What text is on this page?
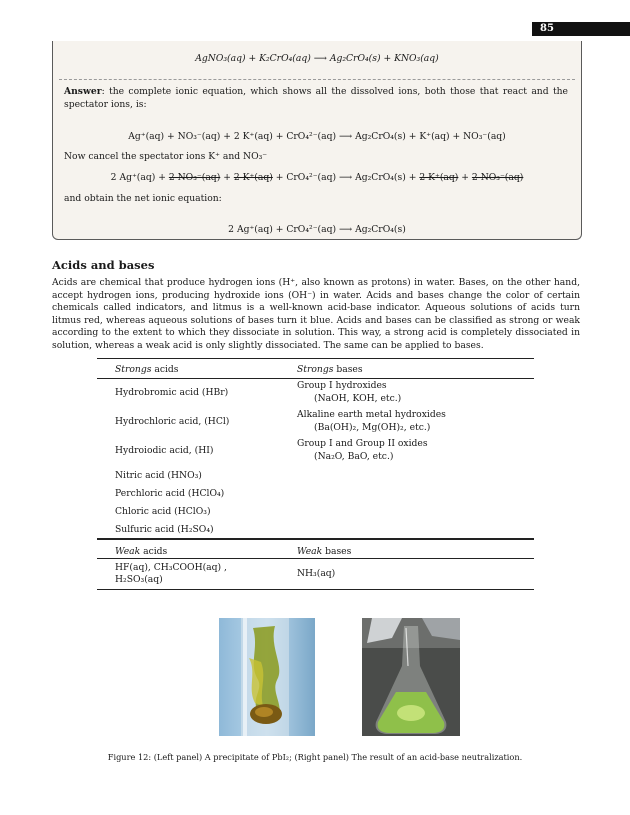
85
AgNO₃(aq) + K₂CrO₄(aq) ⟶ Ag₂CrO₄(s) + KNO₃(aq)
Answer: the complete ionic equation, which shows all the dissolved ions, both those that react and the spectator ions, is:
Ag⁺(aq) + NO₃⁻(aq) + 2 K⁺(aq) + CrO₄²⁻(aq) ⟶ Ag₂CrO₄(s) + K⁺(aq) + NO₃⁻(aq)
Now cancel the spectator ions K⁺ and NO₃⁻
2 Ag⁺(aq) + 2 NO₃⁻(aq) + 2 K⁺(aq) + CrO₄²⁻(aq) ⟶ Ag₂CrO₄(s) + 2 K⁺(aq) + 2 NO₃⁻(aq)
and obtain the net ionic equation:
2 Ag⁺(aq) + CrO₄²⁻(aq) ⟶ Ag₂CrO₄(s)
Acids and bases
Acids are chemical that produce hydrogen ions (H⁺, also known as protons) in water. Bases, on the other hand, accept hydrogen ions, producing hydroxide ions (OH⁻) in water. Acids and bases change the color of certain chemicals called indicators, and litmus is a well-known acid-base indicator. Aqueous solutions of acids turn litmus red, whereas aqueous solutions of bases turn it blue. Acids and bases can be classified as strong or weak according to the extent to which they dissociate in solution. This way, a strong acid is completely dissociated in solution, whereas a weak acid is only slightly dissociated. The same can be applied to bases.
Strongs acids	Strongs bases
Hydrobromic acid (HBr)
Hydrochloric acid, (HCl)
Hydroiodic acid, (HI)
Nitric acid (HNO₃)
Perchloric acid (HClO₄)
Chloric acid (HClO₃)
Sulfuric acid (H₂SO₄)
Group I hydroxides
(NaOH, KOH, etc.)
Alkaline earth metal hydroxides
(Ba(OH)₂, Mg(OH)₂, etc.)
Group I and Group II oxides
(Na₂O, BaO, etc.)
Weak acids	Weak bases
HF(aq), CH₃COOH(aq) ,
H₂SO₃(aq)
NH₃(aq)
Figure 12: (Left panel) A precipitate of PbI₂; (Right panel) The result of an acid-base neutralization.
